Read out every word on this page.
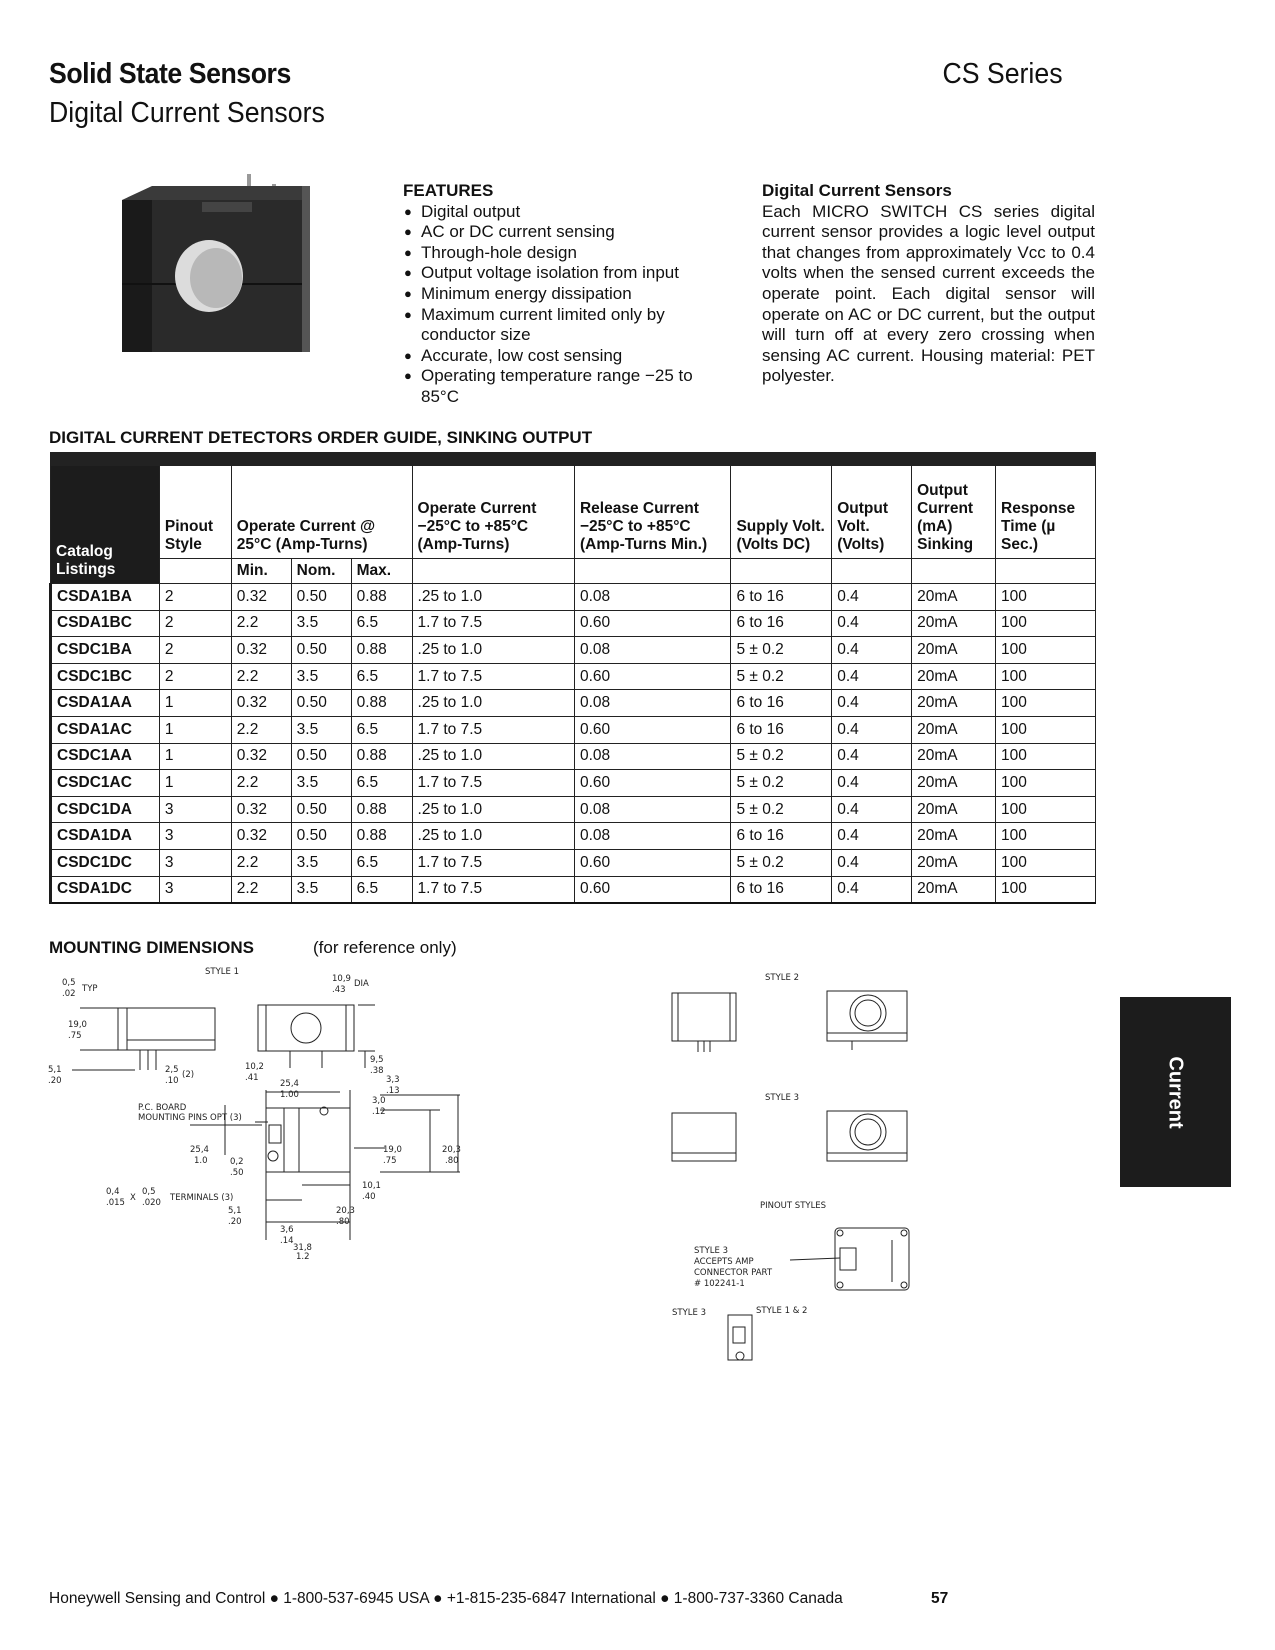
Solid State Sensors
Digital Current Sensors
CS Series
FEATURES
● Digital output
● AC or DC current sensing
● Through-hole design
● Output voltage isolation from input
● Minimum energy dissipation
● Maximum current limited only by conductor size
● Accurate, low cost sensing
● Operating temperature range −25 to 85°C
Digital Current Sensors
Each MICRO SWITCH CS series digital current sensor provides a logic level output that changes from approximately Vcc to 0.4 volts when the sensed current exceeds the operate point. Each digital sensor will operate on AC or DC current, but the output will turn off at every zero crossing when sensing AC current. Housing material: PET polyester.
DIGITAL CURRENT DETECTORS ORDER GUIDE, SINKING OUTPUT
Catalog Listings	Pinout Style	Operate Current @ 25°C (Amp-Turns)			Operate Current −25°C to +85°C (Amp-Turns)	Release Current −25°C to +85°C (Amp-Turns Min.)	Supply Volt. (Volts DC)	Output Volt. (Volts)	Output Current (mA) Sinking	Response Time (µ Sec.)
		Min.	Nom.	Max.						
CSDA1BA	2	0.32	0.50	0.88	.25 to 1.0	0.08	6 to 16	0.4	20mA	100
CSDA1BC	2	2.2	3.5	6.5	1.7 to 7.5	0.60	6 to 16	0.4	20mA	100
CSDC1BA	2	0.32	0.50	0.88	.25 to 1.0	0.08	5 ± 0.2	0.4	20mA	100
CSDC1BC	2	2.2	3.5	6.5	1.7 to 7.5	0.60	5 ± 0.2	0.4	20mA	100
CSDA1AA	1	0.32	0.50	0.88	.25 to 1.0	0.08	6 to 16	0.4	20mA	100
CSDA1AC	1	2.2	3.5	6.5	1.7 to 7.5	0.60	6 to 16	0.4	20mA	100
CSDC1AA	1	0.32	0.50	0.88	.25 to 1.0	0.08	5 ± 0.2	0.4	20mA	100
CSDC1AC	1	2.2	3.5	6.5	1.7 to 7.5	0.60	5 ± 0.2	0.4	20mA	100
CSDC1DA	3	0.32	0.50	0.88	.25 to 1.0	0.08	5 ± 0.2	0.4	20mA	100
CSDA1DA	3	0.32	0.50	0.88	.25 to 1.0	0.08	6 to 16	0.4	20mA	100
CSDC1DC	3	2.2	3.5	6.5	1.7 to 7.5	0.60	5 ± 0.2	0.4	20mA	100
CSDA1DC	3	2.2	3.5	6.5	1.7 to 7.5	0.60	6 to 16	0.4	20mA	100
MOUNTING DIMENSIONS	(for reference only)
STYLE 1
0,5
.02 TYP
19,0
.75
5,1
.20
2,5
.10
(2)
10,9
.43
DIA
9,5
.38
10,2
.41
25,4
1.00
3,3
.13
3,0
.12
P.C. BOARD
MOUNTING PINS OPT (3)
25,4
1.0	0,2
.50
19,0
.75
20,3
.80
0,4
.015 X
0,5
.020 TERMINALS (3)
10,1
.40
5,1
.20
3,6
.14
20,3
.80
31,8
1.2
STYLE 2
STYLE 3
PINOUT STYLES
STYLE 3
ACCEPTS AMP
CONNECTOR PART
# 102241-1
STYLE 3	STYLE 1 & 2
Current
Honeywell Sensing and Control ● 1-800-537-6945 USA ● +1-815-235-6847 International ● 1-800-737-3360 Canada	57
